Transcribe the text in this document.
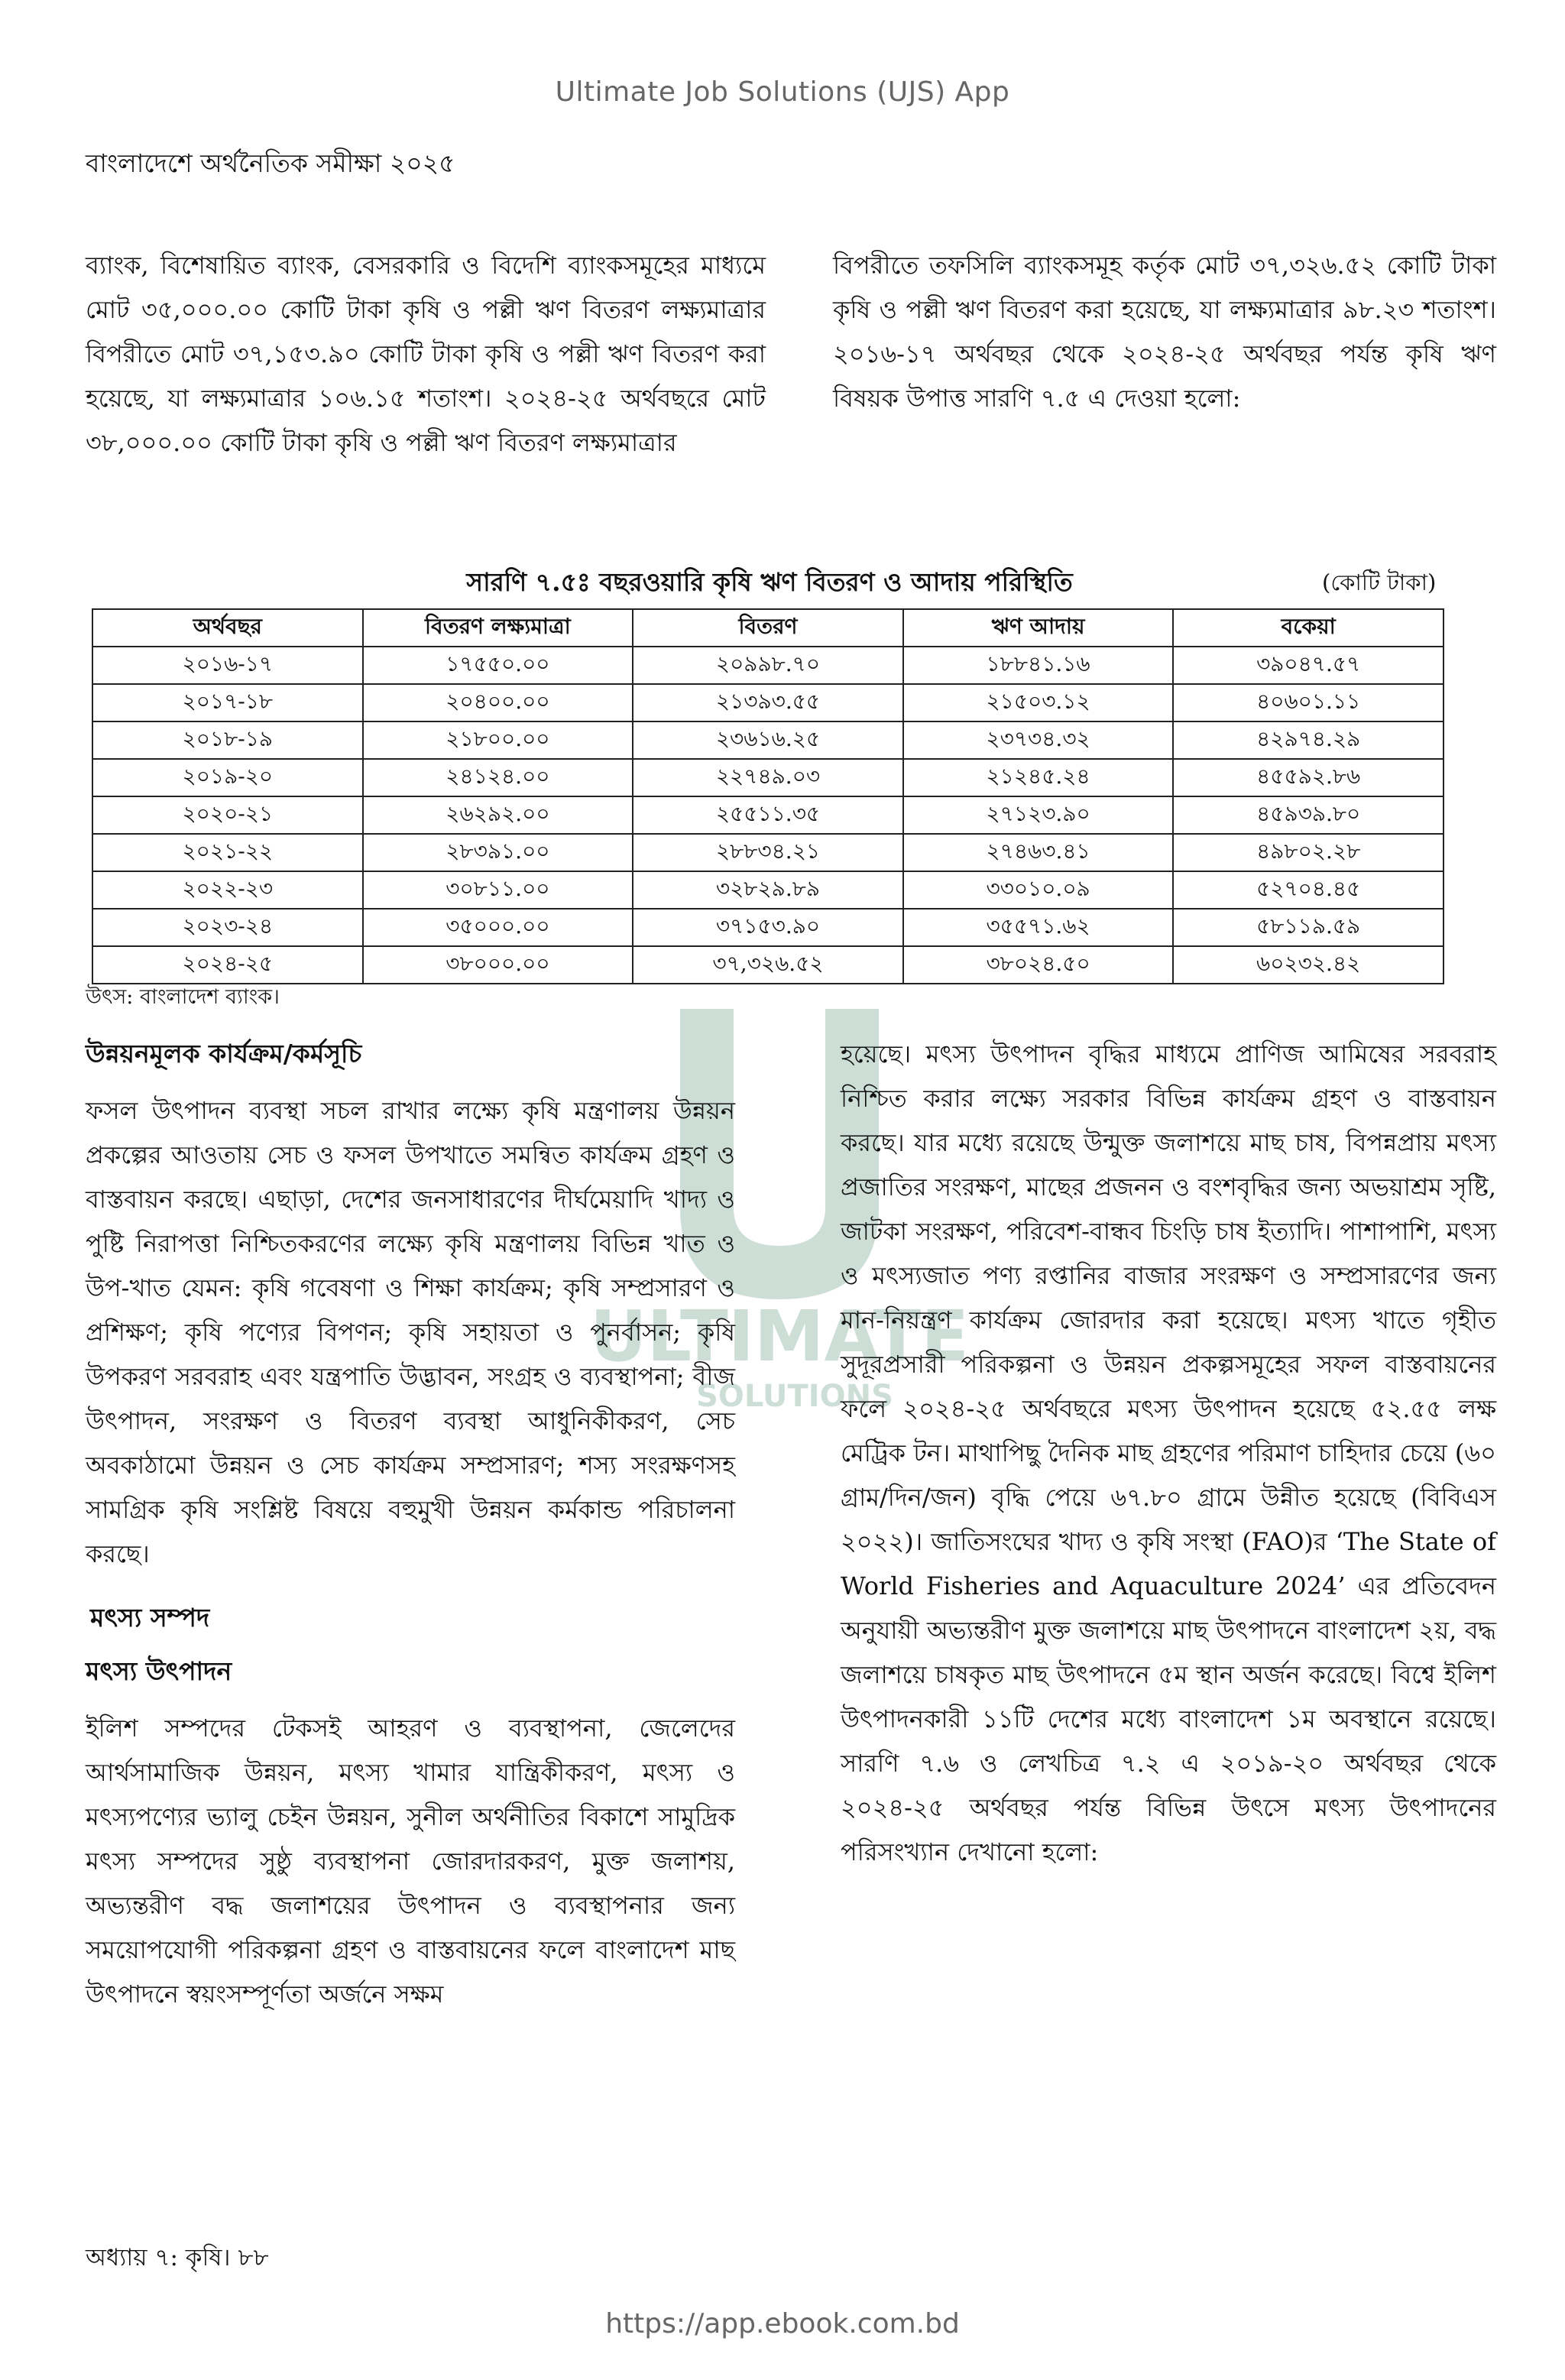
Ultimate Job Solutions (UJS) App
বাংলাদেশে অর্থনৈতিক সমীক্ষা ২০২৫

ব্যাংক, বিশেষায়িত ব্যাংক, বেসরকারি ও বিদেশি ব্যাংকসমূহের মাধ্যমে মোট ৩৫,০০০.০০ কোটি টাকা কৃষি ও পল্লী ঋণ বিতরণ লক্ষ্যমাত্রার বিপরীতে মোট ৩৭,১৫৩.৯০ কোটি টাকা কৃষি ও পল্লী ঋণ বিতরণ করা হয়েছে, যা লক্ষ্যমাত্রার ১০৬.১৫ শতাংশ। ২০২৪-২৫ অর্থবছরে মোট ৩৮,০০০.০০ কোটি টাকা কৃষি ও পল্লী ঋণ বিতরণ লক্ষ্যমাত্রার

বিপরীতে তফসিলি ব্যাংকসমূহ কর্তৃক মোট ৩৭,৩২৬.৫২ কোটি টাকা কৃষি ও পল্লী ঋণ বিতরণ করা হয়েছে, যা লক্ষ্যমাত্রার ৯৮.২৩ শতাংশ। ২০১৬-১৭ অর্থবছর থেকে ২০২৪-২৫ অর্থবছর পর্যন্ত কৃষি ঋণ বিষয়ক উপাত্ত সারণি ৭.৫ এ দেওয়া হলো:

সারণি ৭.৫ঃ বছরওয়ারি কৃষি ঋণ বিতরণ ও আদায় পরিস্থিতি	(কোটি টাকা)
অর্থবছর	বিতরণ লক্ষ্যমাত্রা	বিতরণ	ঋণ আদায়	বকেয়া
২০১৬-১৭	১৭৫৫০.০০	২০৯৯৮.৭০	১৮৮৪১.১৬	৩৯০৪৭.৫৭
২০১৭-১৮	২০৪০০.০০	২১৩৯৩.৫৫	২১৫০৩.১২	৪০৬০১.১১
২০১৮-১৯	২১৮০০.০০	২৩৬১৬.২৫	২৩৭৩৪.৩২	৪২৯৭৪.২৯
২০১৯-২০	২৪১২৪.০০	২২৭৪৯.০৩	২১২৪৫.২৪	৪৫৫৯২.৮৬
২০২০-২১	২৬২৯২.০০	২৫৫১১.৩৫	২৭১২৩.৯০	৪৫৯৩৯.৮০
২০২১-২২	২৮৩৯১.০০	২৮৮৩৪.২১	২৭৪৬৩.৪১	৪৯৮০২.২৮
২০২২-২৩	৩০৮১১.০০	৩২৮২৯.৮৯	৩৩০১০.০৯	৫২৭০৪.৪৫
২০২৩-২৪	৩৫০০০.০০	৩৭১৫৩.৯০	৩৫৫৭১.৬২	৫৮১১৯.৫৯
২০২৪-২৫	৩৮০০০.০০	৩৭,৩২৬.৫২	৩৮০২৪.৫০	৬০২৩২.৪২
উৎস: বাংলাদেশ ব্যাংক।
ULTIMATE
SOLUTIONS

উন্নয়নমূলক কার্যক্রম/কর্মসূচি

ফসল উৎপাদন ব্যবস্থা সচল রাখার লক্ষ্যে কৃষি মন্ত্রণালয় উন্নয়ন প্রকল্পের আওতায় সেচ ও ফসল উপখাতে সমন্বিত কার্যক্রম গ্রহণ ও বাস্তবায়ন করছে। এছাড়া, দেশের জনসাধারণের দীর্ঘমেয়াদি খাদ্য ও পুষ্টি নিরাপত্তা নিশ্চিতকরণের লক্ষ্যে কৃষি মন্ত্রণালয় বিভিন্ন খাত ও উপ-খাত যেমন: কৃষি গবেষণা ও শিক্ষা কার্যক্রম; কৃষি সম্প্রসারণ ও প্রশিক্ষণ; কৃষি পণ্যের বিপণন; কৃষি সহায়তা ও পুনর্বাসন; কৃষি উপকরণ সরবরাহ এবং যন্ত্রপাতি উদ্ভাবন, সংগ্রহ ও ব্যবস্থাপনা; বীজ উৎপাদন, সংরক্ষণ ও বিতরণ ব্যবস্থা আধুনিকীকরণ, সেচ অবকাঠামো উন্নয়ন ও সেচ কার্যক্রম সম্প্রসারণ; শস্য সংরক্ষণসহ সামগ্রিক কৃষি সংশ্লিষ্ট বিষয়ে বহুমুখী উন্নয়ন কর্মকান্ড পরিচালনা করছে।

মৎস্য সম্পদ

মৎস্য উৎপাদন

ইলিশ সম্পদের টেকসই আহরণ ও ব্যবস্থাপনা, জেলেদের আর্থসামাজিক উন্নয়ন, মৎস্য খামার যান্ত্রিকীকরণ, মৎস্য ও মৎস্যপণ্যের ভ্যালু চেইন উন্নয়ন, সুনীল অর্থনীতির বিকাশে সামুদ্রিক মৎস্য সম্পদের সুষ্ঠু ব্যবস্থাপনা জোরদারকরণ, মুক্ত জলাশয়, অভ্যন্তরীণ বদ্ধ জলাশয়ের উৎপাদন ও ব্যবস্থাপনার জন্য সময়োপযোগী পরিকল্পনা গ্রহণ ও বাস্তবায়নের ফলে বাংলাদেশ মাছ উৎপাদনে স্বয়ংসম্পূর্ণতা অর্জনে সক্ষম

হয়েছে। মৎস্য উৎপাদন বৃদ্ধির মাধ্যমে প্রাণিজ আমিষের সরবরাহ নিশ্চিত করার লক্ষ্যে সরকার বিভিন্ন কার্যক্রম গ্রহণ ও বাস্তবায়ন করছে। যার মধ্যে রয়েছে উন্মুক্ত জলাশয়ে মাছ চাষ, বিপন্নপ্রায় মৎস্য প্রজাতির সংরক্ষণ, মাছের প্রজনন ও বংশবৃদ্ধির জন্য অভয়াশ্রম সৃষ্টি, জাটকা সংরক্ষণ, পরিবেশ-বান্ধব চিংড়ি চাষ ইত্যাদি। পাশাপাশি, মৎস্য ও মৎস্যজাত পণ্য রপ্তানির বাজার সংরক্ষণ ও সম্প্রসারণের জন্য মান-নিয়ন্ত্রণ কার্যক্রম জোরদার করা হয়েছে। মৎস্য খাতে গৃহীত সুদূরপ্রসারী পরিকল্পনা ও উন্নয়ন প্রকল্পসমূহের সফল বাস্তবায়নের ফলে ২০২৪-২৫ অর্থবছরে মৎস্য উৎপাদন হয়েছে ৫২.৫৫ লক্ষ মেট্রিক টন। মাথাপিছু দৈনিক মাছ গ্রহণের পরিমাণ চাহিদার চেয়ে (৬০ গ্রাম/দিন/জন) বৃদ্ধি পেয়ে ৬৭.৮০ গ্রামে উন্নীত হয়েছে (বিবিএস ২০২২)। জাতিসংঘের খাদ্য ও কৃষি সংস্থা (FAO)র ‘The State of World Fisheries and Aquaculture 2024’ এর প্রতিবেদন অনুযায়ী অভ্যন্তরীণ মুক্ত জলাশয়ে মাছ উৎপাদনে বাংলাদেশ ২য়, বদ্ধ জলাশয়ে চাষকৃত মাছ উৎপাদনে ৫ম স্থান অর্জন করেছে। বিশ্বে ইলিশ উৎপাদনকারী ১১টি দেশের মধ্যে বাংলাদেশ ১ম অবস্থানে রয়েছে। সারণি ৭.৬ ও লেখচিত্র ৭.২ এ ২০১৯-২০ অর্থবছর থেকে ২০২৪-২৫ অর্থবছর পর্যন্ত বিভিন্ন উৎসে মৎস্য উৎপাদনের পরিসংখ্যান দেখানো হলো:

অধ্যায় ৭: কৃষি। ৮৮
https://app.ebook.com.bd
